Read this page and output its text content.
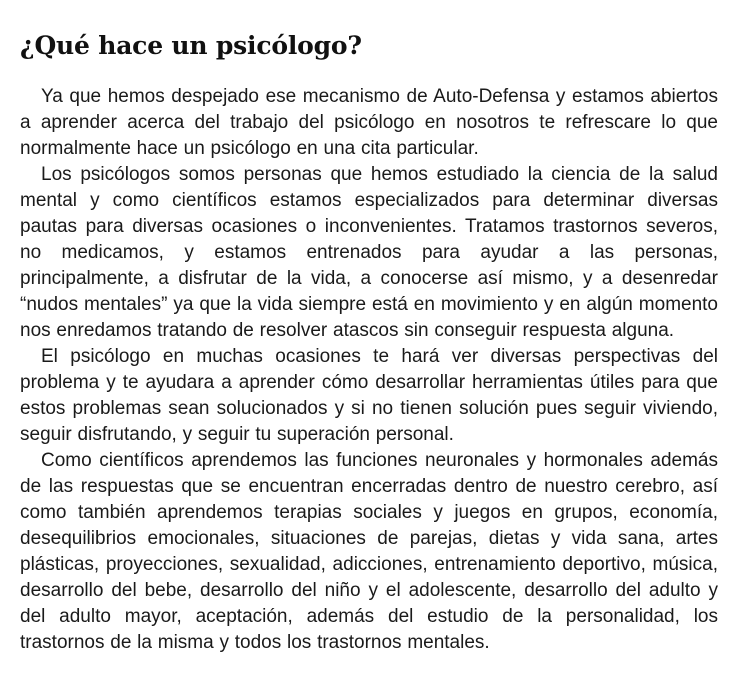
¿Qué hace un psicólogo?

Ya que hemos despejado ese mecanismo de Auto-Defensa y estamos abiertos a aprender acerca del trabajo del psicólogo en nosotros te refrescare lo que normalmente hace un psicólogo en una cita particular.

Los psicólogos somos personas que hemos estudiado la ciencia de la salud mental y como científicos estamos especializados para determinar diversas pautas para diversas ocasiones o inconvenientes. Tratamos trastornos severos, no medicamos, y estamos entrenados para ayudar a las personas, principalmente, a disfrutar de la vida, a conocerse así mismo, y a desenredar “nudos mentales” ya que la vida siempre está en movimiento y en algún momento nos enredamos tratando de resolver atascos sin conseguir respuesta alguna.

El psicólogo en muchas ocasiones te hará ver diversas perspectivas del problema y te ayudara a aprender cómo desarrollar herramientas útiles para que estos problemas sean solucionados y si no tienen solución pues seguir viviendo, seguir disfrutando, y seguir tu superación personal.

Como científicos aprendemos las funciones neuronales y hormonales además de las respuestas que se encuentran encerradas dentro de nuestro cerebro, así como también aprendemos terapias sociales y juegos en grupos, economía, desequilibrios emocionales, situaciones de parejas, dietas y vida sana, artes plásticas, proyecciones, sexualidad, adicciones, entrenamiento deportivo, música, desarrollo del bebe, desarrollo del niño y el adolescente, desarrollo del adulto y del adulto mayor, aceptación, además del estudio de la personalidad, los trastornos de la misma y todos los trastornos mentales.
